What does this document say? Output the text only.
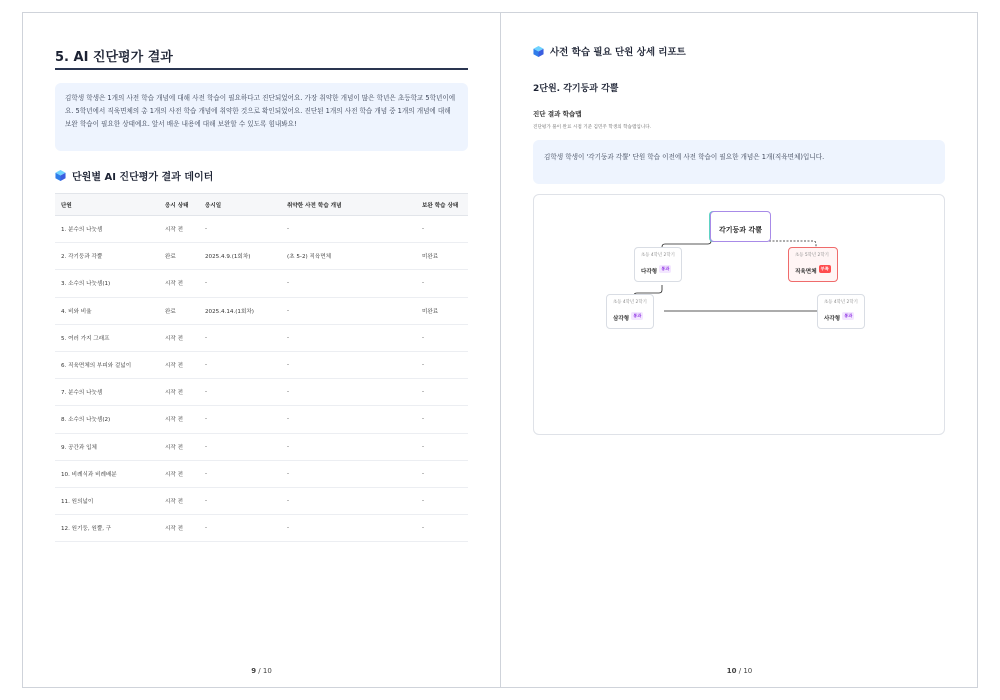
5. AI 진단평가 결과
김학생 학생은 1개의 사전 학습 개념에 대해 사전 학습이 필요하다고 진단되었어요. 가장 취약한 개념이 많은 학년은 초등학교 5학년이에요. 5학년에서 직육면체의 총 1개의 사전 학습 개념에 취약한 것으로 확인되었어요. 진단된 1개의 사전 학습 개념 중 1개의 개념에 대해 보완 학습이 필요한 상태예요. 앞서 배운 내용에 대해 보완할 수 있도록 힘내봐요!
단원별 AI 진단평가 결과 데이터
단원	응시 상태	응시일	취약한 사전 학습 개념	보완 학습 상태
1. 분수의 나눗셈	시작 전	-	-	-
2. 각기둥과 각뿔	완료	2025.4.9.(1회차)	(초 5-2) 직육면체	미완료
3. 소수의 나눗셈(1)	시작 전	-	-	-
4. 비와 비율	완료	2025.4.14.(1회차)	-	미완료
5. 여러 가지 그래프	시작 전	-	-	-
6. 직육면체의 부피와 겉넓이	시작 전	-	-	-
7. 분수의 나눗셈	시작 전	-	-	-
8. 소수의 나눗셈(2)	시작 전	-	-	-
9. 공간과 입체	시작 전	-	-	-
10. 비례식과 비례배분	시작 전	-	-	-
11. 원의넓이	시작 전	-	-	-
12. 원기둥, 원뿔, 구	시작 전	-	-	-
9 / 10
사전 학습 필요 단원 상세 리포트
2단원. 각기둥과 각뿔
진단 결과 학습맵
진단평가 풀이 완료 시점 기준 김민주 학생의 학습맵입니다.
김학생 학생이 '각기둥과 각뿔' 단원 학습 이전에 사전 학습이 필요한 개념은 1개(직육면체)입니다.
각기둥과 각뿔
초등 4학년 2학기
다각형통과
초등 5학년 2학기
직육면체부족
초등 4학년 2학기
삼각형통과
초등 4학년 2학기
사각형통과
10 / 10
